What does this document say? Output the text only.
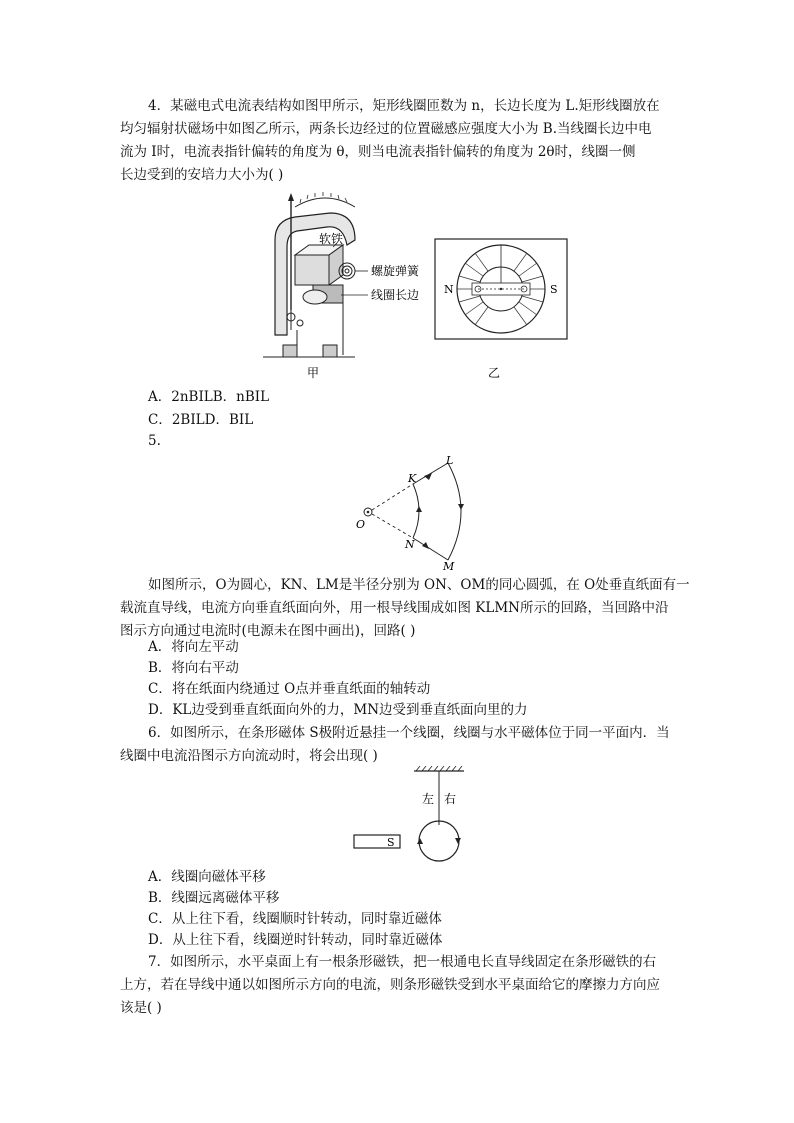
4．某磁电式电流表结构如图甲所示，矩形线圈匝数为 n，长边长度为 L.矩形线圈放在
均匀辐射状磁场中如图乙所示，两条长边经过的位置磁感应强度大小为 B.当线圈长边中电
流为 I时，电流表指针偏转的角度为 θ，则当电流表指针偏转的角度为 2θ时，线圈一侧
长边受到的安培力大小为( )
软铁
螺旋弹簧
线圈长边
甲
N	S
乙
A．2nBILB．nBIL
C．2BILD．BIL
5.
O
K
L
N
M
如图所示，O为圆心，KN、LM是半径分别为 ON、OM的同心圆弧，在 O处垂直纸面有一
载流直导线，电流方向垂直纸面向外，用一根导线围成如图 KLMN所示的回路，当回路中沿
图示方向通过电流时(电源未在图中画出)，回路( )
A．将向左平动
B．将向右平动
C．将在纸面内绕通过 O点并垂直纸面的轴转动
D．KL边受到垂直纸面向外的力，MN边受到垂直纸面向里的力
6．如图所示，在条形磁体 S极附近悬挂一个线圈，线圈与水平磁体位于同一平面内．当
线圈中电流沿图示方向流动时，将会出现( )
S
左 右
A．线圈向磁体平移
B．线圈远离磁体平移
C．从上往下看，线圈顺时针转动，同时靠近磁体
D．从上往下看，线圈逆时针转动，同时靠近磁体
7．如图所示，水平桌面上有一根条形磁铁，把一根通电长直导线固定在条形磁铁的右
上方，若在导线中通以如图所示方向的电流，则条形磁铁受到水平桌面给它的摩擦力方向应
该是( )
